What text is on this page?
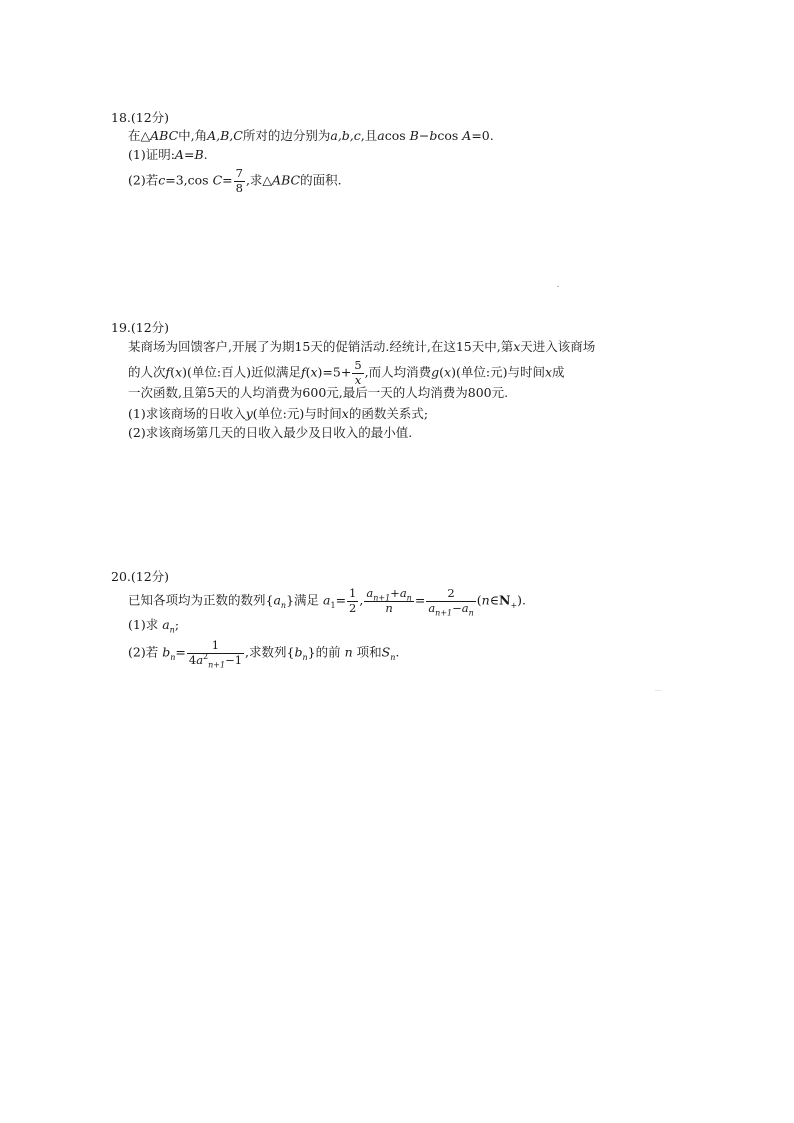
18.(12分)
在△ABC中,角A,B,C所对的边分别为a,b,c,且acos B−bcos A=0.
(1)证明:A=B.
(2)若c=3,cos $C= \frac{7}{8}$ ,求△ABC的面积.
19.(12分)
某商场为回馈客户,开展了为期15天的促销活动.经统计,在这15天中,第x天进入该商场
的人次f(x)(单位:百人)近似满足$f(x)=5+ \frac{5}{x}$ ,而人均消费g(x)(单位:元)与时间x成
一次函数,且第5天的人均消费为600元,最后一天的人均消费为800元.
(1)求该商场的日收入y(单位:元)与时间x的函数关系式;
(2)求该商场第几天的日收入最少及日收入的最小值.
20.(12分)
已知各项均为正数的数列$\{a_n\}$满足 $a_1= \frac{1}{2}$ , $\frac{a_{n+1}+a_n}{n} = \frac{2}{a_{n+1}-a_n}$ $(n\in N_+)$.
(1)求 $a_n$;
(2)若 $b_n= \frac{1}{4a^2_{n+1}-1}$ ,求数列$\{b_n\}$的前 n 项和$S_n$.
